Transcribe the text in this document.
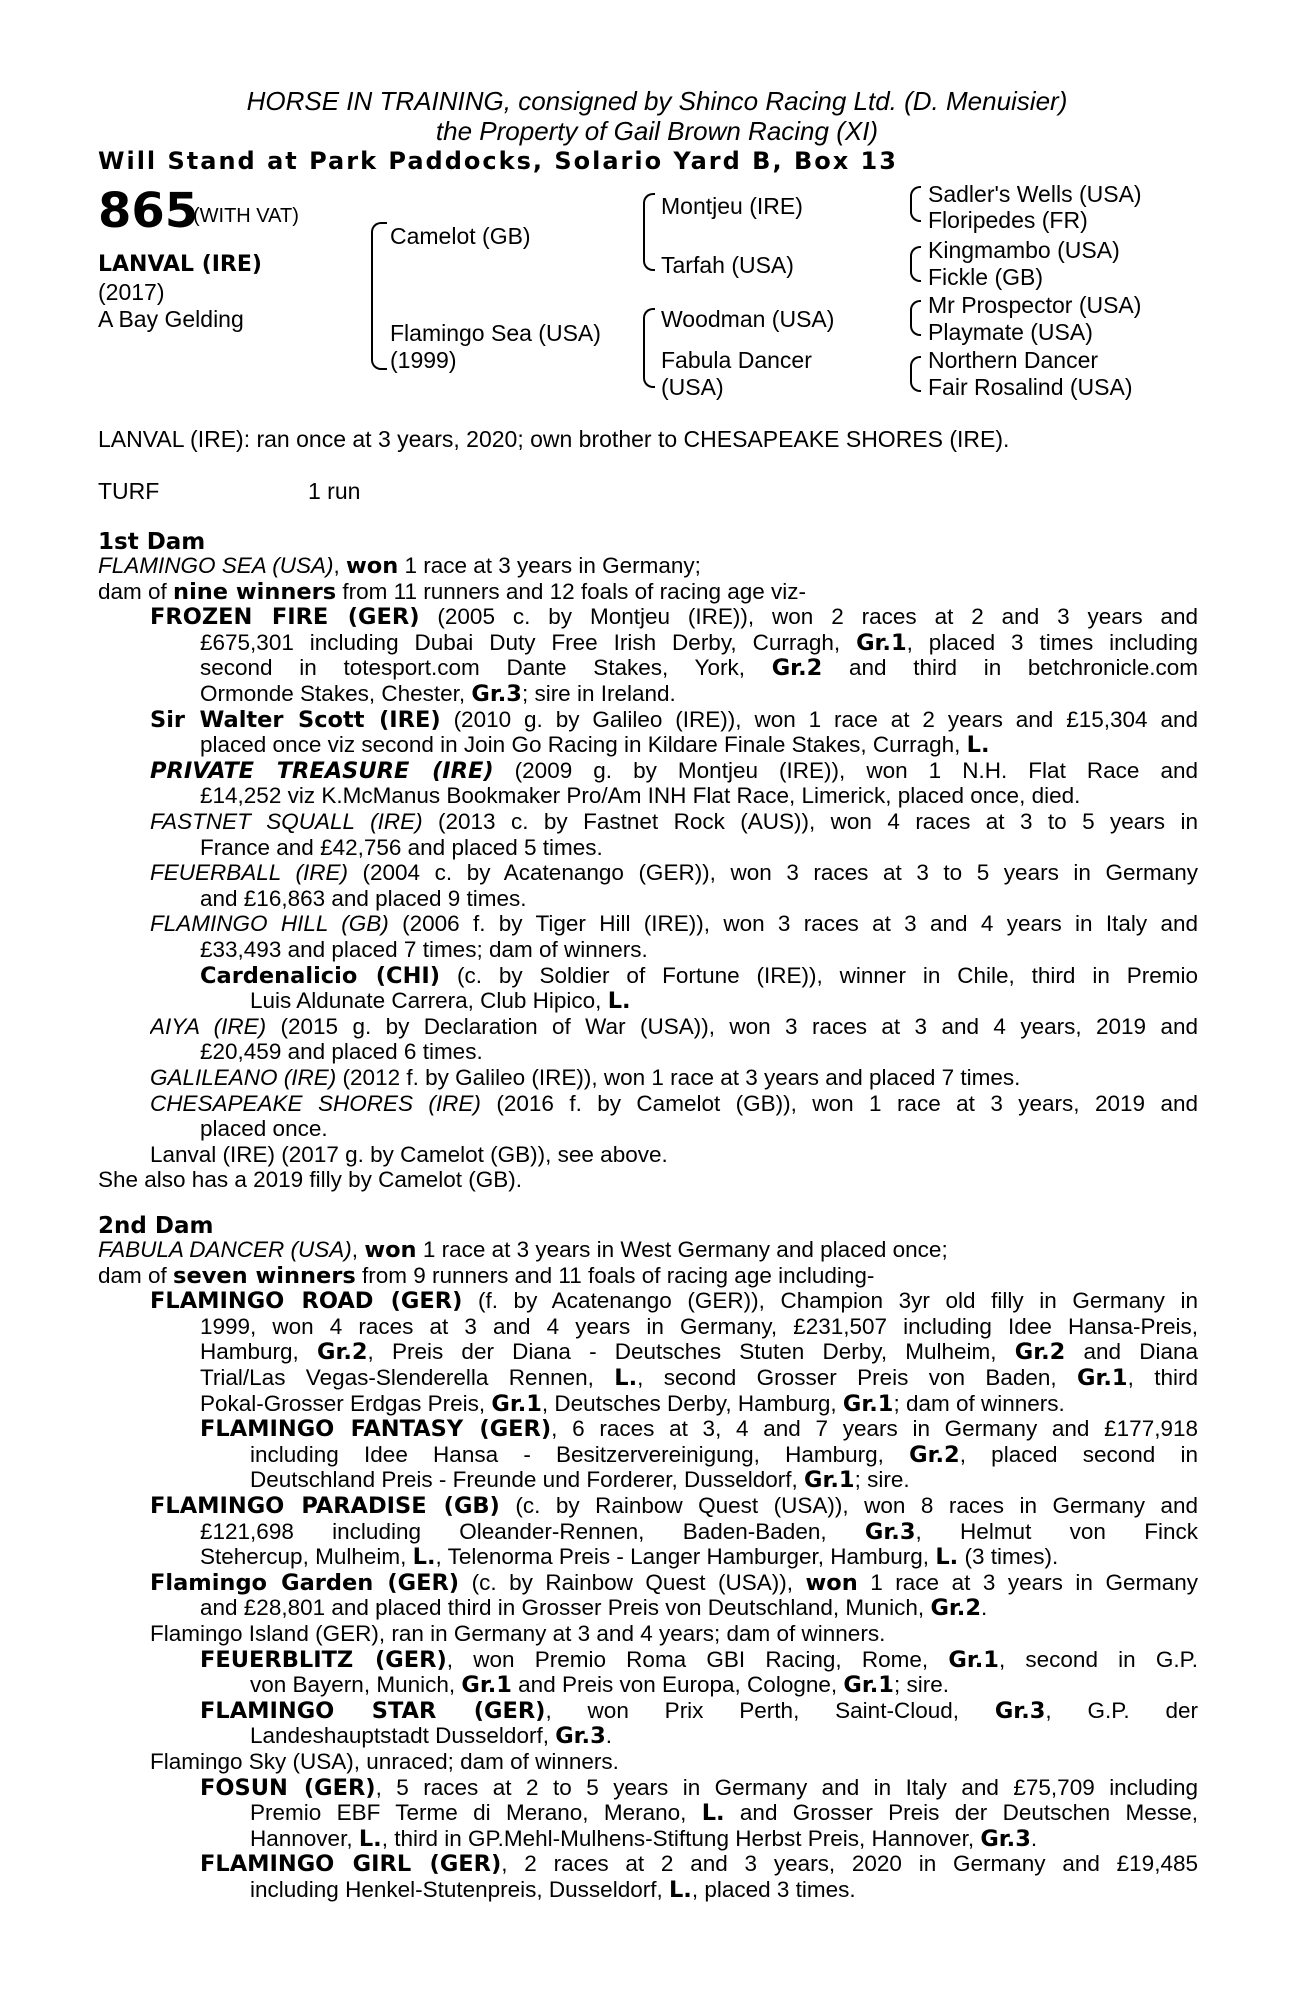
HORSE IN TRAINING, consigned by Shinco Racing Ltd. (D. Menuisier)
the Property of Gail Brown Racing (XI)
Will Stand at Park Paddocks, Solario Yard B, Box 13
865
(WITH VAT)
LANVAL (IRE)
(2017)
A Bay Gelding
Camelot (GB)
Flamingo Sea (USA)
(1999)
Montjeu (IRE)
Tarfah (USA)
Woodman (USA)
Fabula Dancer
(USA)
Sadler's Wells (USA)
Floripedes (FR)
Kingmambo (USA)
Fickle (GB)
Mr Prospector (USA)
Playmate (USA)
Northern Dancer
Fair Rosalind (USA)
LANVAL (IRE): ran once at 3 years, 2020; own brother to CHESAPEAKE SHORES (IRE).
TURF	1 run
1st Dam
FLAMINGO SEA (USA), won 1 race at 3 years in Germany;
dam of nine winners from 11 runners and 12 foals of racing age viz-
FROZEN FIRE (GER) (2005 c. by Montjeu (IRE)), won 2 races at 2 and 3 years and
£675,301 including Dubai Duty Free Irish Derby, Curragh, Gr.1, placed 3 times including
second in totesport.com Dante Stakes, York, Gr.2 and third in betchronicle.com
Ormonde Stakes, Chester, Gr.3; sire in Ireland.
Sir Walter Scott (IRE) (2010 g. by Galileo (IRE)), won 1 race at 2 years and £15,304 and
placed once viz second in Join Go Racing in Kildare Finale Stakes, Curragh, L.
PRIVATE TREASURE (IRE) (2009 g. by Montjeu (IRE)), won 1 N.H. Flat Race and
£14,252 viz K.McManus Bookmaker Pro/Am INH Flat Race, Limerick, placed once, died.
FASTNET SQUALL (IRE) (2013 c. by Fastnet Rock (AUS)), won 4 races at 3 to 5 years in
France and £42,756 and placed 5 times.
FEUERBALL (IRE) (2004 c. by Acatenango (GER)), won 3 races at 3 to 5 years in Germany
and £16,863 and placed 9 times.
FLAMINGO HILL (GB) (2006 f. by Tiger Hill (IRE)), won 3 races at 3 and 4 years in Italy and
£33,493 and placed 7 times; dam of winners.
Cardenalicio (CHI) (c. by Soldier of Fortune (IRE)), winner in Chile, third in Premio
Luis Aldunate Carrera, Club Hipico, L.
AIYA (IRE) (2015 g. by Declaration of War (USA)), won 3 races at 3 and 4 years, 2019 and
£20,459 and placed 6 times.
GALILEANO (IRE) (2012 f. by Galileo (IRE)), won 1 race at 3 years and placed 7 times.
CHESAPEAKE SHORES (IRE) (2016 f. by Camelot (GB)), won 1 race at 3 years, 2019 and
placed once.
Lanval (IRE) (2017 g. by Camelot (GB)), see above.
She also has a 2019 filly by Camelot (GB).
2nd Dam
FABULA DANCER (USA), won 1 race at 3 years in West Germany and placed once;
dam of seven winners from 9 runners and 11 foals of racing age including-
FLAMINGO ROAD (GER) (f. by Acatenango (GER)), Champion 3yr old filly in Germany in
1999, won 4 races at 3 and 4 years in Germany, £231,507 including Idee Hansa-Preis,
Hamburg, Gr.2, Preis der Diana - Deutsches Stuten Derby, Mulheim, Gr.2 and Diana
Trial/Las Vegas-Slenderella Rennen, L., second Grosser Preis von Baden, Gr.1, third
Pokal-Grosser Erdgas Preis, Gr.1, Deutsches Derby, Hamburg, Gr.1; dam of winners.
FLAMINGO FANTASY (GER), 6 races at 3, 4 and 7 years in Germany and £177,918
including Idee Hansa - Besitzervereinigung, Hamburg, Gr.2, placed second in
Deutschland Preis - Freunde und Forderer, Dusseldorf, Gr.1; sire.
FLAMINGO PARADISE (GB) (c. by Rainbow Quest (USA)), won 8 races in Germany and
£121,698 including Oleander-Rennen, Baden-Baden, Gr.3, Helmut von Finck
Stehercup, Mulheim, L., Telenorma Preis - Langer Hamburger, Hamburg, L. (3 times).
Flamingo Garden (GER) (c. by Rainbow Quest (USA)), won 1 race at 3 years in Germany
and £28,801 and placed third in Grosser Preis von Deutschland, Munich, Gr.2.
Flamingo Island (GER), ran in Germany at 3 and 4 years; dam of winners.
FEUERBLITZ (GER), won Premio Roma GBI Racing, Rome, Gr.1, second in G.P.
von Bayern, Munich, Gr.1 and Preis von Europa, Cologne, Gr.1; sire.
FLAMINGO STAR (GER), won Prix Perth, Saint-Cloud, Gr.3, G.P. der
Landeshauptstadt Dusseldorf, Gr.3.
Flamingo Sky (USA), unraced; dam of winners.
FOSUN (GER), 5 races at 2 to 5 years in Germany and in Italy and £75,709 including
Premio EBF Terme di Merano, Merano, L. and Grosser Preis der Deutschen Messe,
Hannover, L., third in GP.Mehl-Mulhens-Stiftung Herbst Preis, Hannover, Gr.3.
FLAMINGO GIRL (GER), 2 races at 2 and 3 years, 2020 in Germany and £19,485
including Henkel-Stutenpreis, Dusseldorf, L., placed 3 times.
